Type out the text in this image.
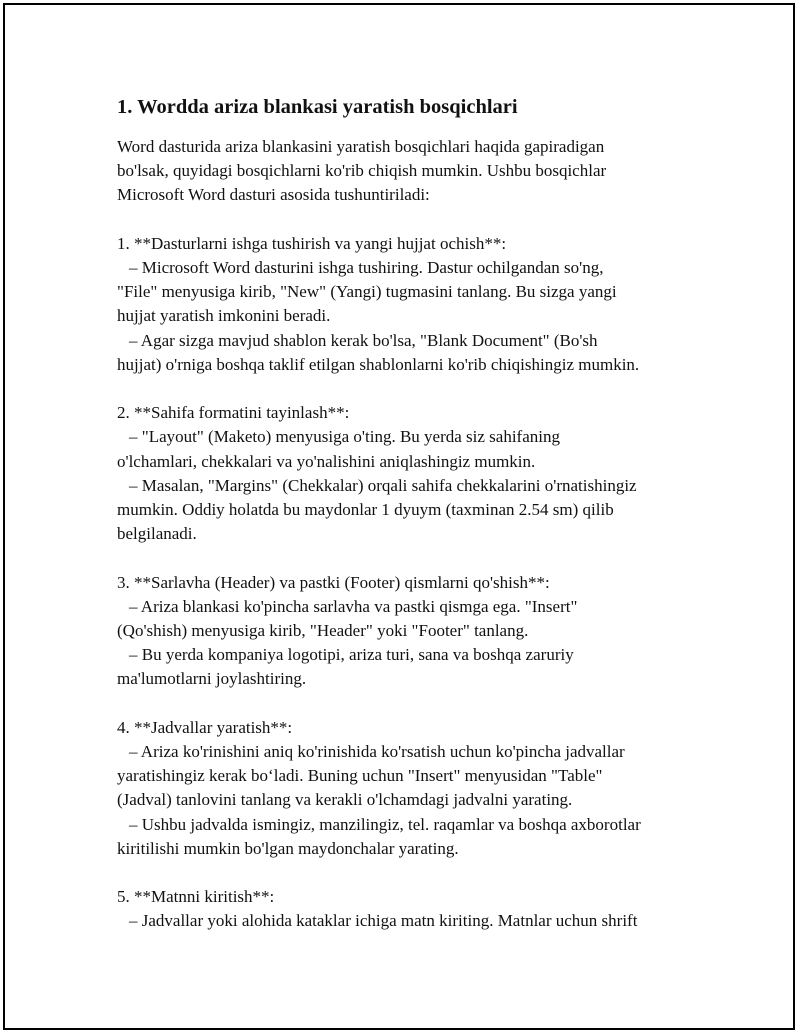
1. Wordda ariza blankasi yaratish bosqichlari
Word dasturida ariza blankasini yaratish bosqichlari haqida gapiradigan
bo'lsak, quyidagi bosqichlarni ko'rib chiqish mumkin. Ushbu bosqichlar
Microsoft Word dasturi asosida tushuntiriladi:
1. **Dasturlarni ishga tushirish va yangi hujjat ochish**:
– Microsoft Word dasturini ishga tushiring. Dastur ochilgandan so'ng,
"File" menyusiga kirib, "New" (Yangi) tugmasini tanlang. Bu sizga yangi
hujjat yaratish imkonini beradi.
– Agar sizga mavjud shablon kerak bo'lsa, "Blank Document" (Bo'sh
hujjat) o'rniga boshqa taklif etilgan shablonlarni ko'rib chiqishingiz mumkin.
2. **Sahifa formatini tayinlash**:
– "Layout" (Maketo) menyusiga o'ting. Bu yerda siz sahifaning
o'lchamlari, chekkalari va yo'nalishini aniqlashingiz mumkin.
– Masalan, "Margins" (Chekkalar) orqali sahifa chekkalarini o'rnatishingiz
mumkin. Oddiy holatda bu maydonlar 1 dyuym (taxminan 2.54 sm) qilib
belgilanadi.
3. **Sarlavha (Header) va pastki (Footer) qismlarni qo'shish**:
– Ariza blankasi ko'pincha sarlavha va pastki qismga ega. "Insert"
(Qo'shish) menyusiga kirib, "Header" yoki "Footer" tanlang.
– Bu yerda kompaniya logotipi, ariza turi, sana va boshqa zaruriy
ma'lumotlarni joylashtiring.
4. **Jadvallar yaratish**:
– Ariza ko'rinishini aniq ko'rinishida ko'rsatish uchun ko'pincha jadvallar
yaratishingiz kerak bo‘ladi. Buning uchun "Insert" menyusidan "Table"
(Jadval) tanlovini tanlang va kerakli o'lchamdagi jadvalni yarating.
– Ushbu jadvalda ismingiz, manzilingiz, tel. raqamlar va boshqa axborotlar
kiritilishi mumkin bo'lgan maydonchalar yarating.
5. **Matnni kiritish**:
– Jadvallar yoki alohida kataklar ichiga matn kiriting. Matnlar uchun shrift
